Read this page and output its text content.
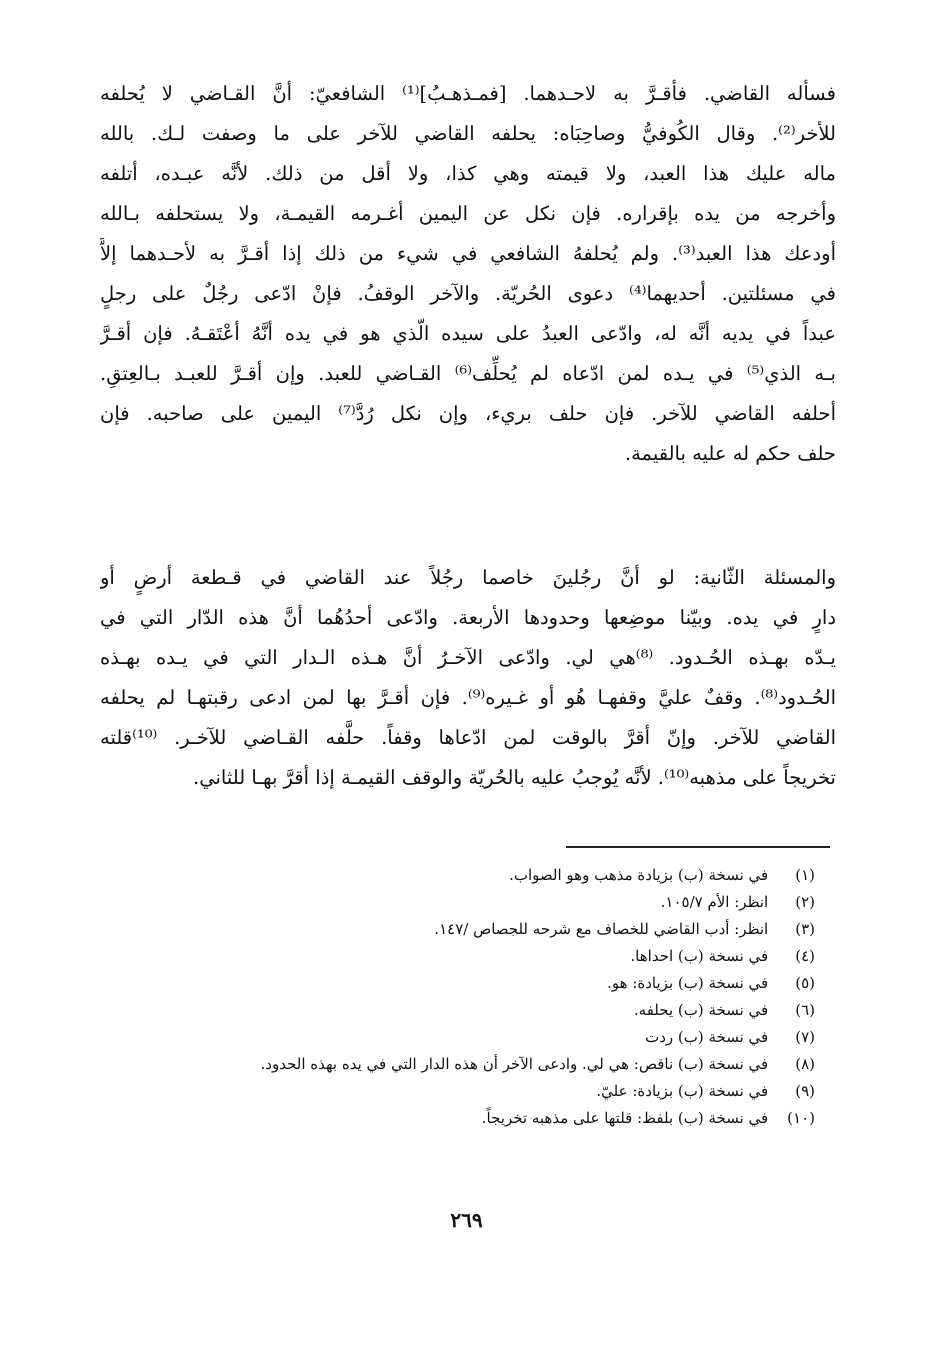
فسأله القاضي. فأقـرَّ به لاحـدهما. [فمـذهـبُ]⁽¹⁾ الشافعيّ: أنَّ القـاضي لا يُحلفه
للأخر⁽²⁾. وقال الكُوفيُّ وصاحِبَاه: يحلفه القاضي للآخر على ما وصفت لـك. بالله
ماله عليك هذا العبد، ولا قيمته وهي كذا، ولا أقل من ذلك. لأنَّه عبـده، أتلفه
وأخرجه من يده بإقراره. فإن نكل عن اليمين أغـرمه القيمـة، ولا يستحلفه بـالله
أودعك هذا العبد⁽³⁾. ولم يُحلفهُ الشافعي في شيء من ذلك إذا أقـرَّ به لأحـدهما إلاَّ
في مسئلتين. أحديهما⁽⁴⁾ دعوى الحُريّة. والآخر الوقفُ. فإنْ ادّعى رجُلٌ على رجلٍ
عبداً في يديه أنَّه له، وادّعى العبدُ على سيده الّذي هو في يده أنَّهُ أعْتَقـهُ. فإن أقـرَّ
بـه الذي⁽⁵⁾ في يـده لمن ادّعاه لم يُحلِّف⁽⁶⁾ القـاضي للعبد. وإن أقـرَّ للعبـد بـالعِتقِ.
أحلفه القاضي للآخر. فإن حلف بريء، وإن نكل رُدَّ⁽⁷⁾ اليمين على صاحبه. فإن
حلف حكم له عليه بالقيمة.
والمسئلة الثّانية: لو أنَّ رجُلينَ خاصما رجُلاً عند القاضي في قـطعة أرضٍ أو
دارٍ في يده. وبيّنا موضِعها وحدودها الأربعة. وادّعى أحدُهُما أنَّ هذه الدّار التي في
يـدّه بهـذه الحُـدود. ⁽⁸⁾هي لي. وادّعى الآخـرُ أنَّ هـذه الـدار التي في يـده بهـذه
الحُـدود⁽⁸⁾. وقفٌ عليَّ وقفهـا هُو أو غـيره⁽⁹⁾. فإن أقـرَّ بها لمن ادعى رقبتهـا لم يحلفه
القاضي للآخر. وإنّ أقرَّ بالوقت لمن ادّعاها وقفاً. حلَّفه القـاضي للآخـر. ⁽¹⁰⁾قلته
تخريجاً على مذهبه⁽¹⁰⁾. لأنَّه يُوجبُ عليه بالحُريّة والوقف القيمـة إذا أقرَّ بهـا للثاني.
(١) في نسخة (ب) بزيادة مذهب وهو الصواب.
(٢) انظر: الأم ١٠٥/٧.
(٣) انظر: أدب القاضي للخصاف مع شرحه للجصاص /١٤٧.
(٤) في نسخة (ب) احداها.
(٥) في نسخة (ب) بزيادة: هو.
(٦) في نسخة (ب) يحلفه.
(٧) في نسخة (ب) ردت
(٨) في نسخة (ب) ناقص: هي لي. وادعى الآخر أن هذه الدار التي في يده بهذه الحدود.
(٩) في نسخة (ب) بزيادة: عليّ.
(١٠) في نسخة (ب) بلفظ: قلتها على مذهبه تخريجاً.
٢٦٩
